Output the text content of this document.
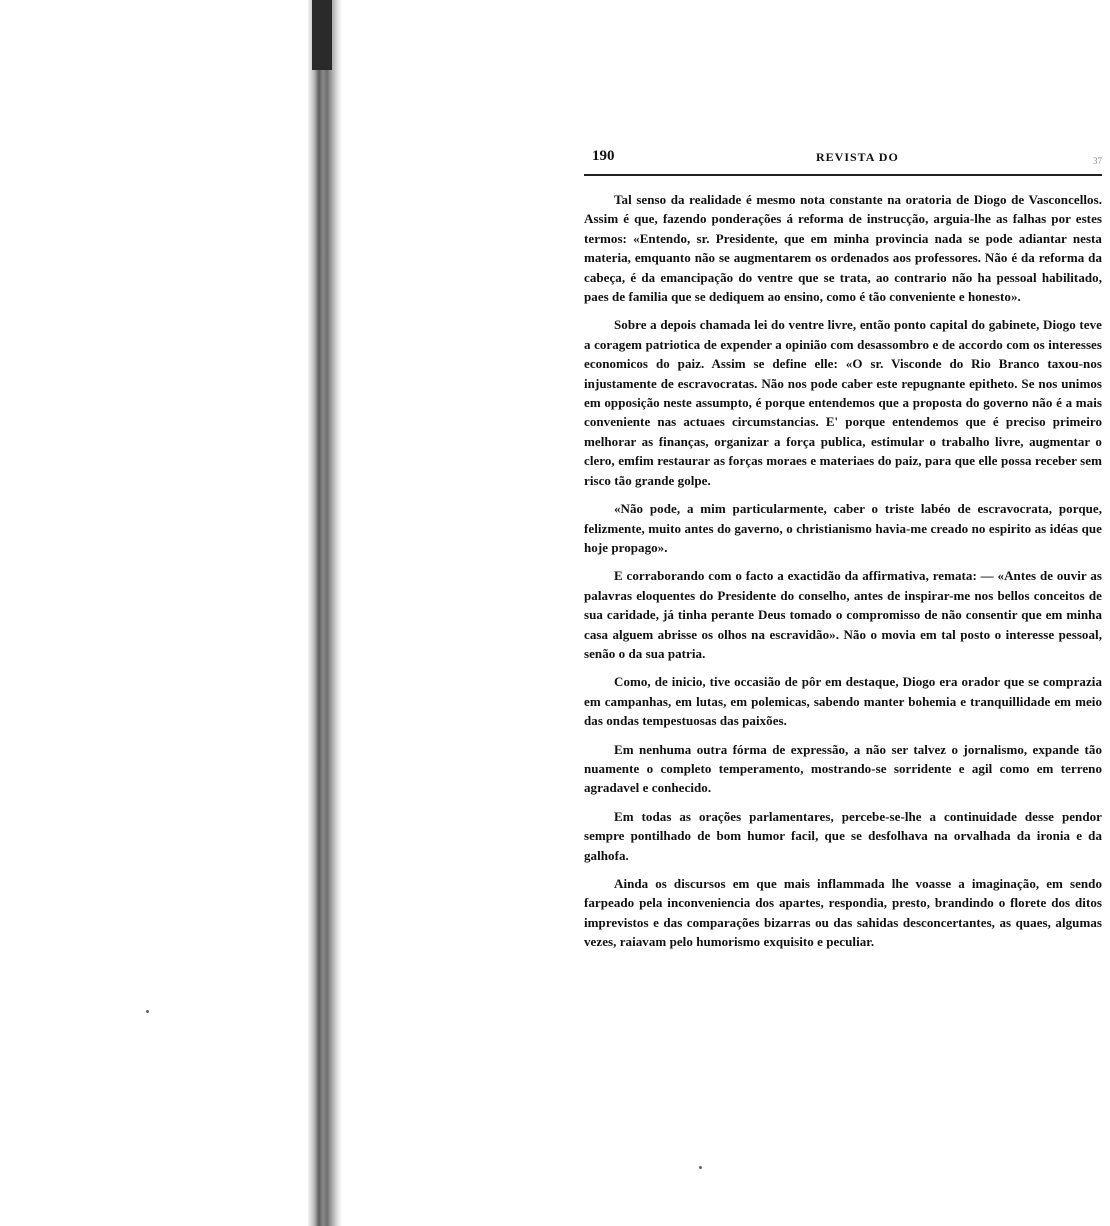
190	REVISTA DO	37

Tal senso da realidade é mesmo nota constante na oratoria de Diogo de Vasconcellos. Assim é que, fazendo ponderações á reforma de instrucção, arguia-lhe as falhas por estes termos: «Entendo, sr. Presidente, que em minha provincia nada se pode adiantar nesta materia, emquanto não se augmentarem os ordenados aos professores. Não é da reforma da cabeça, é da emancipação do ventre que se trata, ao contrario não ha pessoal habilitado, paes de familia que se dediquem ao ensino, como é tão conveniente e honesto».

Sobre a depois chamada lei do ventre livre, então ponto capital do gabinete, Diogo teve a coragem patriotica de expender a opinião com desassombro e de accordo com os interesses economicos do paiz. Assim se define elle: «O sr. Visconde do Rio Branco taxou-nos injustamente de escravocratas. Não nos pode caber este repugnante epitheto. Se nos unimos em opposição neste assumpto, é porque entendemos que a proposta do governo não é a mais conveniente nas actuaes circumstancias. E' porque entendemos que é preciso primeiro melhorar as finanças, organizar a força publica, estimular o trabalho livre, augmentar o clero, emfim restaurar as forças moraes e materiaes do paiz, para que elle possa receber sem risco tão grande golpe.

«Não pode, a mim particularmente, caber o triste labéo de escravocrata, porque, felizmente, muito antes do gaverno, o christianismo havia-me creado no espirito as idéas que hoje propago».

E corraborando com o facto a exactidão da affirmativa, remata: — «Antes de ouvir as palavras eloquentes do Presidente do conselho, antes de inspirar-me nos bellos conceitos de sua caridade, já tinha perante Deus tomado o compromisso de não consentir que em minha casa alguem abrisse os olhos na escravidão». Não o movia em tal posto o interesse pessoal, senão o da sua patria.

Como, de inicio, tive occasião de pôr em destaque, Diogo era orador que se comprazia em campanhas, em lutas, em polemicas, sabendo manter bohemia e tranquillidade em meio das ondas tempestuosas das paixões.

Em nenhuma outra fórma de expressão, a não ser talvez o jornalismo, expande tão nuamente o completo temperamento, mostrando-se sorridente e agil como em terreno agradavel e conhecido.

Em todas as orações parlamentares, percebe-se-lhe a continuidade desse pendor sempre pontilhado de bom humor facil, que se desfolhava na orvalhada da ironia e da galhofa.

Ainda os discursos em que mais inflammada lhe voasse a imaginação, em sendo farpeado pela inconveniencia dos apartes, respondia, presto, brandindo o florete dos ditos imprevistos e das comparações bizarras ou das sahidas desconcertantes, as quaes, algumas vezes, raiavam pelo humorismo exquisito e peculiar.
